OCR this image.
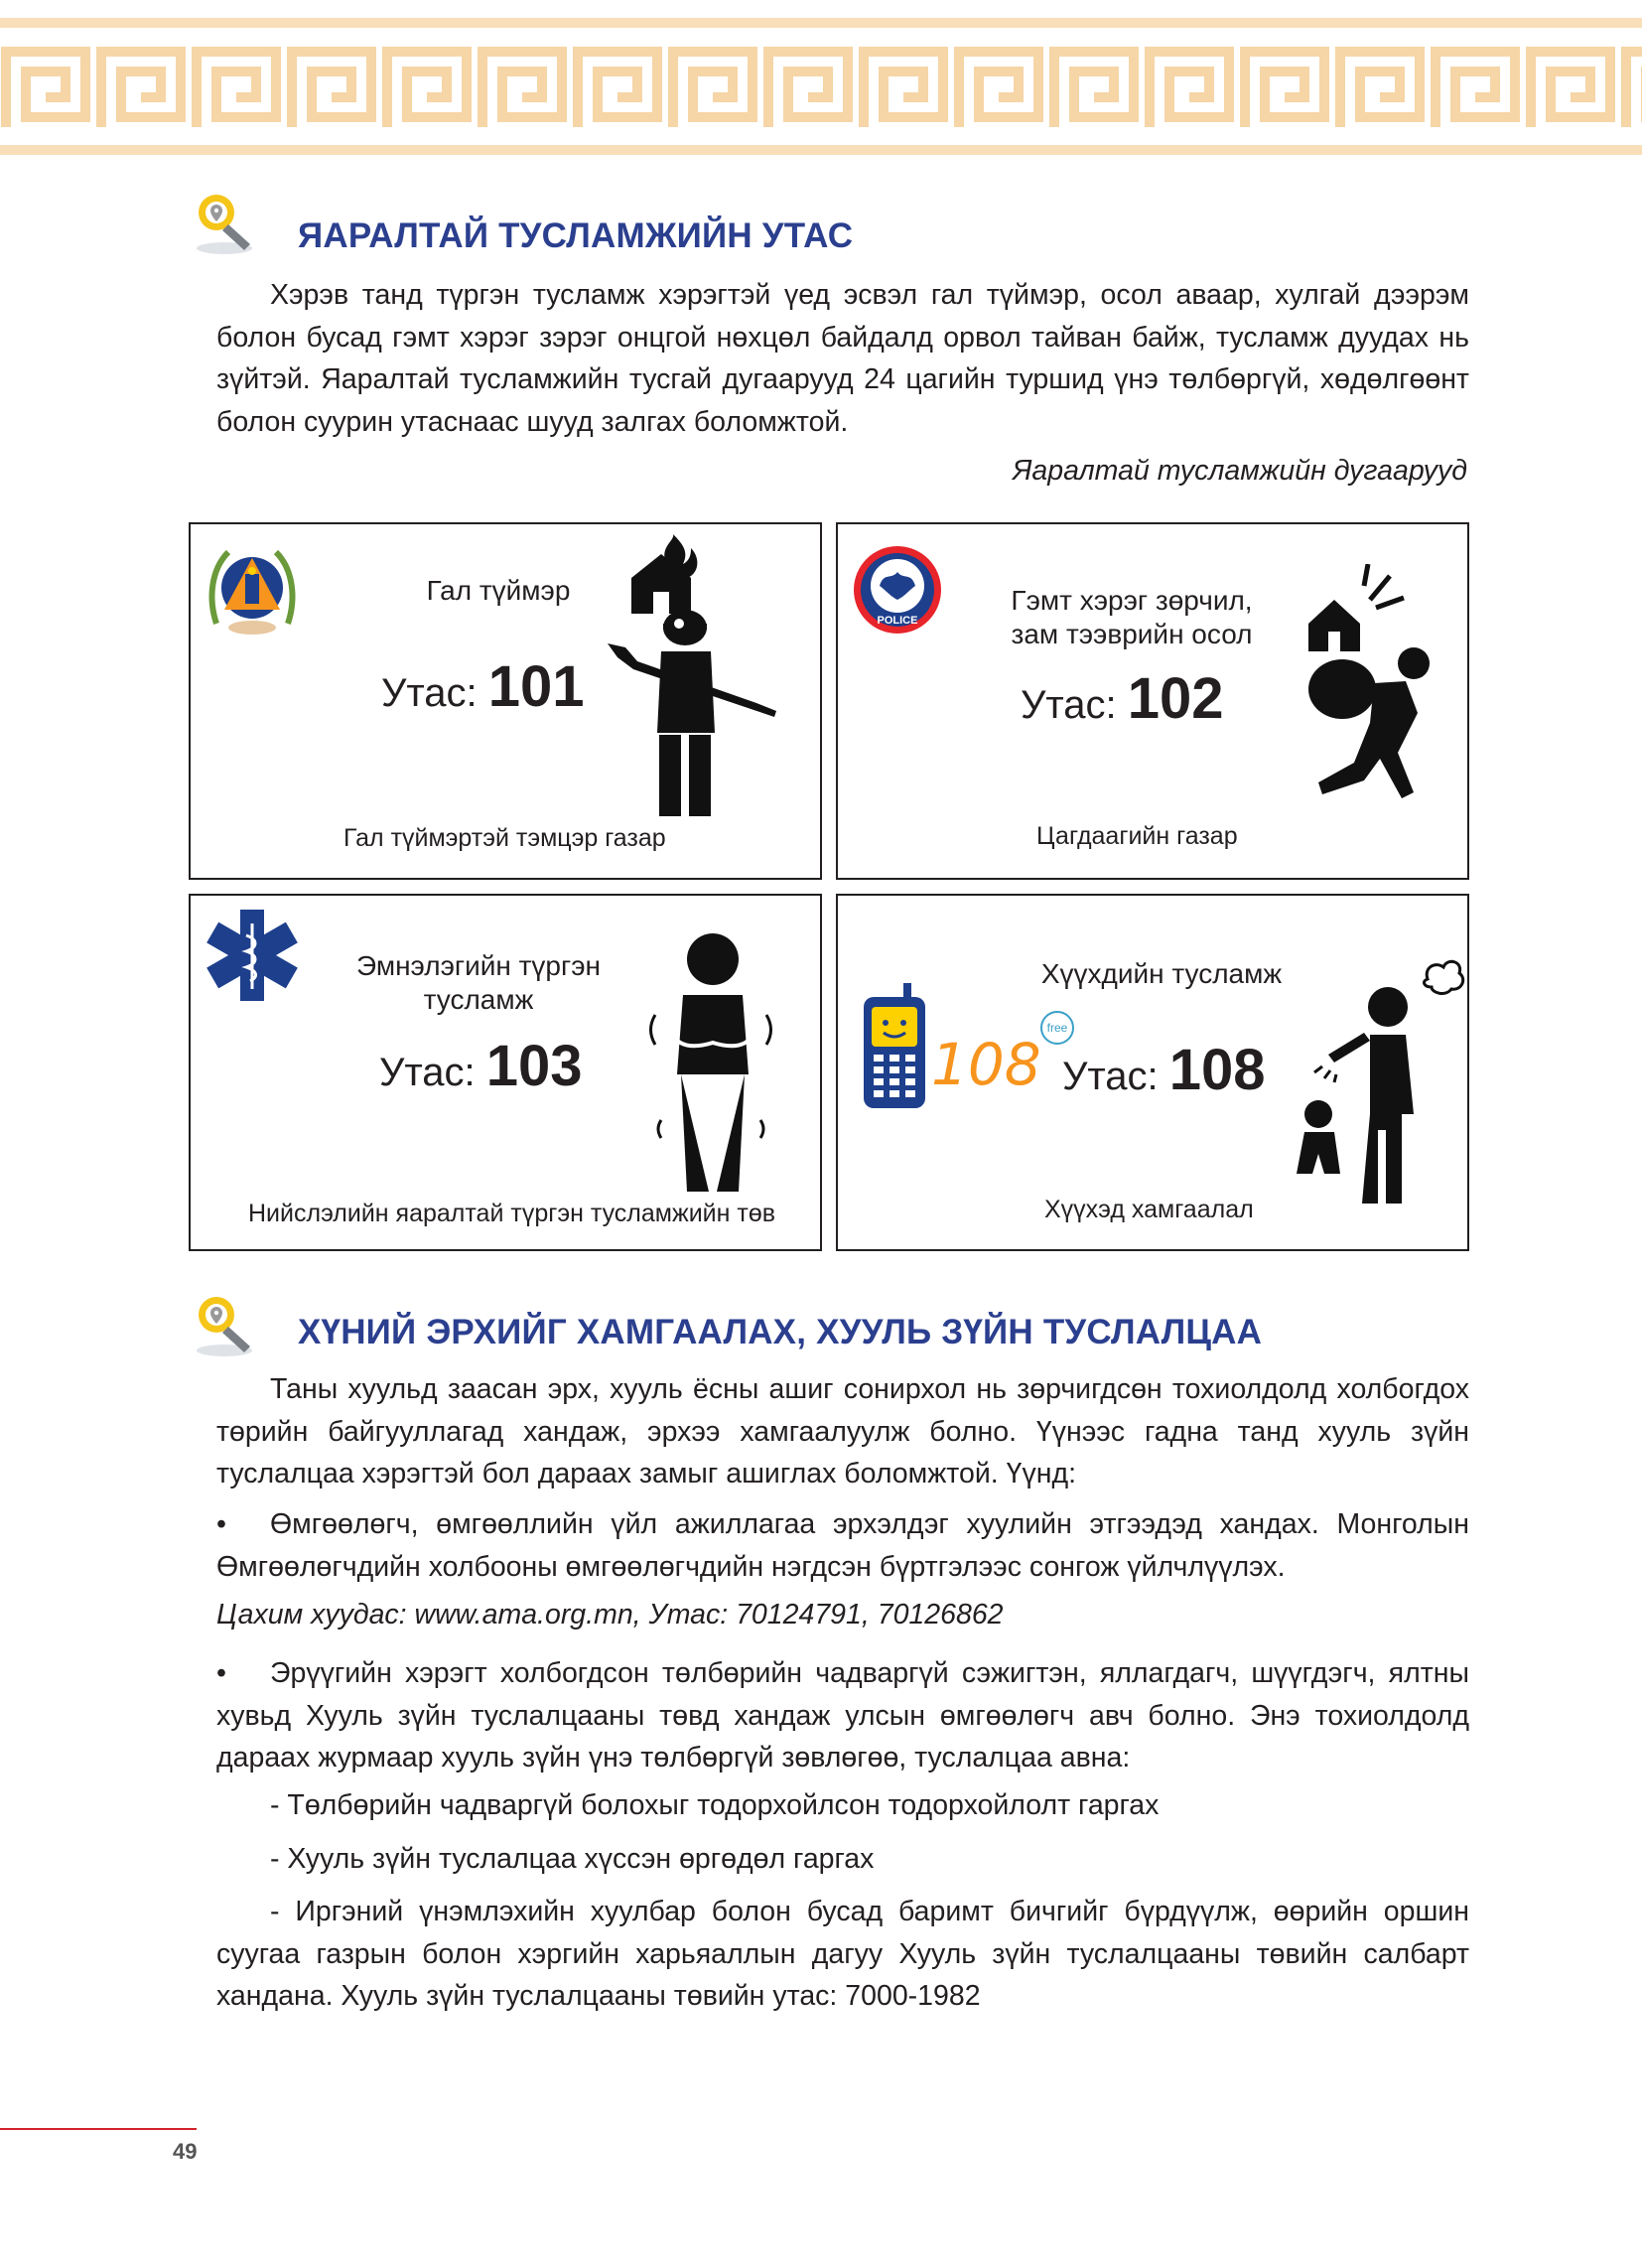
ЯАРАЛТАЙ ТУСЛАМЖИЙН УТАС

Хэрэв танд түргэн тусламж хэрэгтэй үед эсвэл гал түймэр, осол аваар, хулгай дээрэм болон бусад гэмт хэрэг зэрэг онцгой нөхцөл байдалд орвол тайван байж, тусламж дуудах нь зүйтэй. Яаралтай тусламжийн тусгай дугаарууд 24 цагийн туршид үнэ төлбөргүй, хөдөлгөөнт болон суурин утаснаас шууд залгах боломжтой.

Яаралтай тусламжийн дугаарууд
Гал түймэр
Утас: 101
Гал түймэртэй тэмцэр газар
POLICE
Гэмт хэрэг зөрчил,
зам тээврийн осол
Утас: 102
Цагдаагийн газар
Эмнэлэгийн түргэн
тусламж
Утас: 103
Нийслэлийн яаралтай түргэн тусламжийн төв
Хүүхдийн тусламж
108
free
Утас: 108
Хүүхэд хамгаалал
ХҮНИЙ ЭРХИЙГ ХАМГААЛАХ, ХУУЛЬ ЗҮЙН ТУСЛАЛЦАА

Таны хуульд заасан эрх, хууль ёсны ашиг сонирхол нь зөрчигдсөн тохиолдолд холбогдох төрийн байгууллагад хандаж, эрхээ хамгаалуулж болно. Үүнээс гадна танд хууль зүйн туслалцаа хэрэгтэй бол дараах замыг ашиглах боломжтой. Үүнд:

•	Өмгөөлөгч, өмгөөллийн үйл ажиллагаа эрхэлдэг хуулийн этгээдэд хандах. Монголын Өмгөөлөгчдийн холбооны өмгөөлөгчдийн нэгдсэн бүртгэлээс сонгож үйлчлүүлэх.

Цахим хуудас: www.ama.org.mn, Утас: 70124791, 70126862
•	Эрүүгийн хэрэгт холбогдсон төлбөрийн чадваргүй сэжигтэн, яллагдагч, шүүгдэгч, ялтны хувьд Хууль зүйн туслалцааны төвд хандаж улсын өмгөөлөгч авч болно. Энэ тохиолдолд дараах журмаар хууль зүйн үнэ төлбөргүй зөвлөгөө, туслалцаа авна:

- Төлбөрийн чадваргүй болохыг тодорхойлсон тодорхойлолт гаргах
- Хууль зүйн туслалцаа хүссэн өргөдөл гаргах

- Иргэний үнэмлэхийн хуулбар болон бусад баримт бичгийг бүрдүүлж, өөрийн оршин суугаа газрын болон хэргийн харьяаллын дагуу Хууль зүйн туслалцааны төвийн салбарт хандана. Хууль зүйн туслалцааны төвийн утас: 7000-1982

49
